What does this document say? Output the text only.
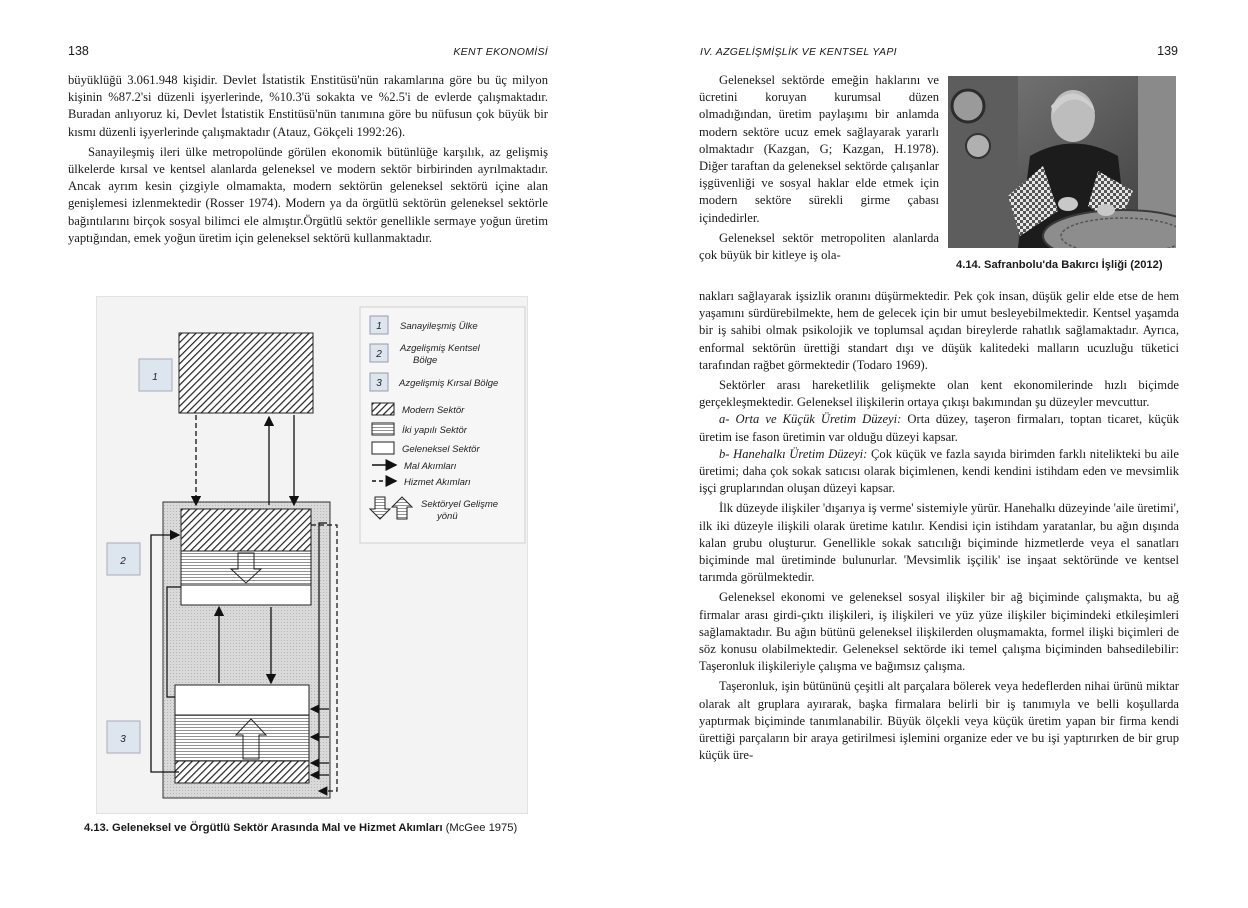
138	KENT EKONOMİSİ

büyüklüğü 3.061.948 kişidir. Devlet İstatistik Enstitüsü'nün rakamlarına göre bu üç milyon kişinin %87.2'si düzenli işyerlerinde, %10.3'ü sokakta ve %2.5'i de evlerde çalışmaktadır. Buradan anlıyoruz ki, Devlet İstatistik Enstitüsü'nün tanımına göre bu nüfusun çok büyük bir kısmı düzenli işyerlerinde çalışmaktadır (Atauz, Gökçeli 1992:26).

Sanayileşmiş ileri ülke metropolünde görülen ekonomik bütünlüğe karşılık, az gelişmiş ülkelerde kırsal ve kentsel alanlarda geleneksel ve modern sektör birbirinden ayrılmaktadır. Ancak ayrım kesin çizgiyle olmamakta, modern sektörün geleneksel sektörü içine alan genişlemesi izlenmektedir (Rosser 1974). Modern ya da örgütlü sektörün geleneksel sektörle bağıntılarını birçok sosyal bilimci ele almıştır.Örgütlü sektör genellikle sermaye yoğun üretim yaptığından, emek yoğun üretim için geleneksel sektörü kullanmaktadır.

1
2
3
1 Sanayileşmiş Ülke
2
Azgelişmiş Kentsel
Bölge
3 Azgelişmiş Kırsal Bölge
Modern Sektör
İki yapılı Sektör
Geleneksel Sektör
Mal Akımları
Hizmet Akımları
Sektöryel Gelişme
yönü
4.13. Geleneksel ve Örgütlü Sektör Arasında Mal ve Hizmet Akımları (McGee 1975)
IV. AZGELİŞMİŞLİK VE KENTSEL YAPI	139

Geleneksel sektörde emeğin haklarını ve ücretini koruyan kurumsal düzen olmadığından, üretim paylaşımı bir anlamda modern sektöre ucuz emek sağlayarak yararlı olmaktadır (Kazgan, G; Kazgan, H.1978). Diğer taraftan da geleneksel sektörde çalışanlar işgüvenliği ve sosyal haklar elde etmek için modern sektöre sürekli girme çabası içindedirler.

Geleneksel sektör metropoliten alanlarda çok büyük bir kitleye iş ola-

nakları sağlayarak işsizlik oranını düşürmektedir. Pek çok insan, düşük gelir elde etse de hem yaşamını sürdürebilmekte, hem de gelecek için bir umut besleyebilmektedir. Kentsel yaşamda bir iş sahibi olmak psikolojik ve toplumsal açıdan bireylerde rahatlık sağlamaktadır. Ayrıca, enformal sektörün ürettiği standart dışı ve düşük kalitedeki malların ucuzluğu tüketici tarafından rağbet görmektedir (Todaro 1969).

Sektörler arası hareketlilik gelişmekte olan kent ekonomilerinde hızlı biçimde gerçekleşmektedir. Geleneksel ilişkilerin ortaya çıkışı bakımından şu düzeyler mevcuttur.

a- Orta ve Küçük Üretim Düzeyi: Orta düzey, taşeron firmaları, toptan ticaret, küçük üretim ise fason üretimin var olduğu düzeyi kapsar.

b- Hanehalkı Üretim Düzeyi: Çok küçük ve fazla sayıda birimden farklı nitelikteki bu aile üretimi; daha çok sokak satıcısı olarak biçimlenen, kendi kendini istihdam eden ve mevsimlik işçi gruplarından oluşan düzeyi kapsar.

İlk düzeyde ilişkiler 'dışarıya iş verme' sistemiyle yürür. Hanehalkı düzeyinde 'aile üretimi', ilk iki düzeyle ilişkili olarak üretime katılır. Kendisi için istihdam yaratanlar, bu ağın dışında kalan grubu oluşturur. Genellikle sokak satıcılığı biçiminde hizmetlerde veya el sanatları biçiminde mal üretiminde bulunurlar. 'Mevsimlik işçilik' ise inşaat sektöründe ve kentsel tarımda görülmektedir.

Geleneksel ekonomi ve geleneksel sosyal ilişkiler bir ağ biçiminde çalışmakta, bu ağ firmalar arası girdi-çıktı ilişkileri, iş ilişkileri ve yüz yüze ilişkiler biçimindeki etkileşimleri sağlamaktadır. Bu ağın bütünü geleneksel ilişkilerden oluşmamakta, formel ilişki biçimleri de söz konusu olabilmektedir. Geleneksel sektörde iki temel çalışma biçiminden bahsedilebilir: Taşeronluk ilişkileriyle çalışma ve bağımsız çalışma.

Taşeronluk, işin bütününü çeşitli alt parçalara bölerek veya hedeflerden nihai ürünü miktar olarak alt gruplara ayırarak, başka firmalara belirli bir iş tanımıyla ve belli koşullarda yaptırmak biçiminde tanımlanabilir. Büyük ölçekli veya küçük üretim yapan bir firma kendi ürettiği parçaların bir araya getirilmesi işlemini organize eder ve bu işi yaptırırken de bir grup küçük üre-

4.14. Safranbolu'da Bakırcı İşliği (2012)
